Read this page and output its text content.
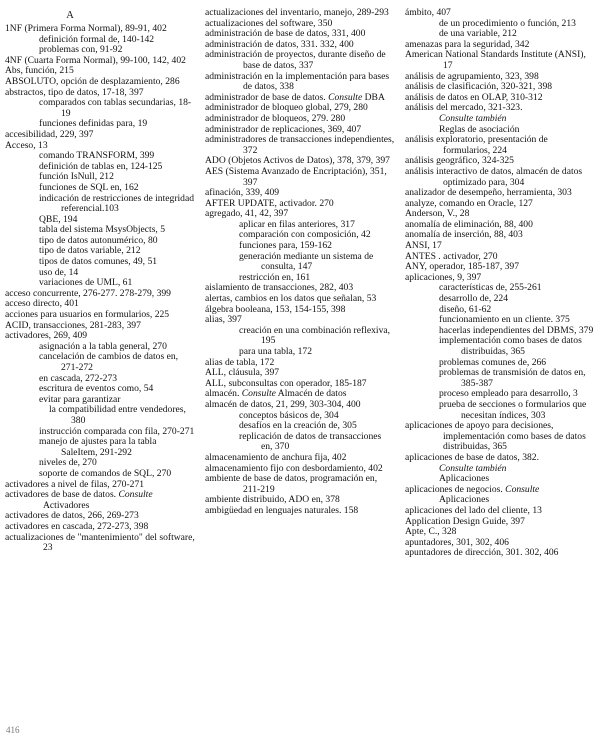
A

1NF (Primera Forma Normal), 89-91, 402

definición formal de, 140-142

problemas con, 91-92

4NF (Cuarta Forma Normal), 99-100, 142, 402

Abs, función, 215

ABSOLUTO, opción de desplazamiento, 286

abstractos, tipo de datos, 17-18, 397

comparados con tablas secundarias, 18-19

funciones definidas para, 19

accesibilidad, 229, 397

Acceso, 13

comando TRANSFORM, 399

definición de tablas en, 124-125

función IsNull, 212

funciones de SQL en, 162

indicación de restricciones de integridad referencial.103

QBE, 194

tabla del sistema MsysObjects, 5

tipo de datos autonumérico, 80

tipo de datos variable, 212

tipos de datos comunes, 49, 51

uso de, 14

variaciones de UML, 61

acceso concurrente, 276-277. 278-279, 399

acceso directo, 401

acciones para usuarios en formularios, 225

ACID, transacciones, 281-283, 397

activadores, 269, 409

asignación a la tabla general, 270

cancelación de cambios de datos en, 271-272

en cascada, 272-273

escritura de eventos como, 54

evitar para garantizar

la compatibilidad entre vendedores, 380

instrucción comparada con fila, 270-271

manejo de ajustes para la tabla SaleItem, 291-292

niveles de, 270

soporte de comandos de SQL, 270

activadores a nivel de filas, 270-271

activadores de base de datos. Consulte Activadores

activadores de datos, 266, 269-273

activadores en cascada, 272-273, 398

actualizaciones de "mantenimiento" del software, 23

actualizaciones del inventario, manejo, 289-293

actualizaciones del software, 350

administración de base de datos, 331, 400

administración de datos, 331. 332, 400

administración de proyectos, durante diseño de base de datos, 337

administración en la implementación para bases de datos, 338

administrador de base de datos. Consulte DBA

administrador de bloqueo global, 279, 280

administrador de bloqueos, 279. 280

administrador de replicaciones, 369, 407

administradores de transacciones independientes, 372

ADO (Objetos Activos de Datos), 378, 379, 397

AES (Sistema Avanzado de Encriptación), 351, 397

afinación, 339, 409

AFTER UPDATE, activador. 270

agregado, 41, 42, 397

aplicar en filas anteriores, 317

comparación con composición, 42

funciones para, 159-162

generación mediante un sistema de consulta, 147

restricción en, 161

aislamiento de transacciones, 282, 403

alertas, cambios en los datos que señalan, 53

álgebra booleana, 153, 154-155, 398

alias, 397

creación en una combinación reflexiva, 195

para una tabla, 172

alias de tabla, 172

ALL, cláusula, 397

ALL, subconsultas con operador, 185-187

almacén. Consulte Almacén de datos

almacén de datos, 21, 299, 303-304, 400

conceptos básicos de, 304

desafíos en la creación de, 305

replicación de datos de transacciones en, 370

almacenamiento de anchura fija, 402

almacenamiento fijo con desbordamiento, 402

ambiente de base de datos, programación en, 211-219

ambiente distribuido, ADO en, 378

ambigüedad en lenguajes naturales. 158

ámbito, 407

de un procedimiento o función, 213

de una variable, 212

amenazas para la seguridad, 342

American National Standards Institute (ANSI), 17

análisis de agrupamiento, 323, 398

análisis de clasificación, 320-321, 398

análisis de datos en OLAP, 310-312

análisis del mercado, 321-323.

Consulte también

Reglas de asociación

análisis exploratorio, presentación de formularios, 224

análisis geográfico, 324-325

análisis interactivo de datos, almacén de datos optimizado para, 304

analizador de desempeño, herramienta, 303

analyze, comando en Oracle, 127

Anderson, V., 28

anomalía de eliminación, 88, 400

anomalía de inserción, 88, 403

ANSI, 17

ANTES . activador, 270

ANY, operador, 185-187, 397

aplicaciones, 9, 397

características de, 255-261

desarrollo de, 224

diseño, 61-62

funcionamiento en un cliente. 375

hacerlas independientes del DBMS, 379

implementación como bases de datos distribuidas, 365

problemas comunes de, 266

problemas de transmisión de datos en, 385-387

proceso empleado para desarrollo, 3

prueba de secciones o formularios que necesitan índices, 303

aplicaciones de apoyo para decisiones, implementación como bases de datos distribuidas, 365

aplicaciones de base de datos, 382.

Consulte también

Aplicaciones

aplicaciones de negocios. Consulte

Aplicaciones

aplicaciones del lado del cliente, 13

Application Design Guide, 397

Apte, C., 328

apuntadores, 301, 302, 406

apuntadores de dirección, 301. 302, 406

416
